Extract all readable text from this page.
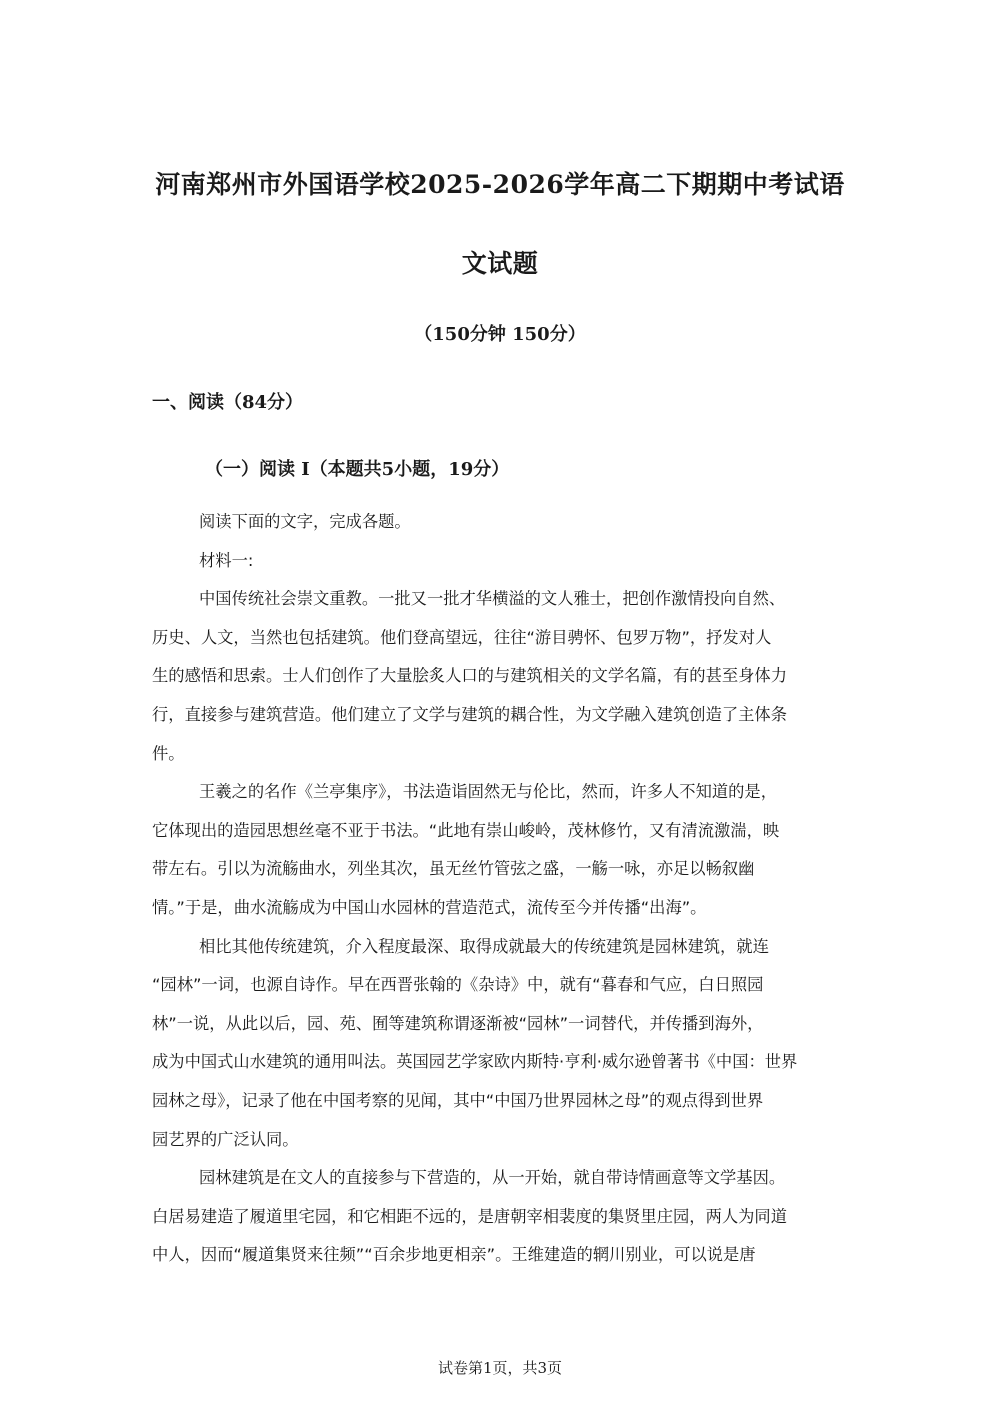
河南郑州市外国语学校2025-2026学年高二下期期中考试语
文试题
（150分钟 150分）
一、阅读（84分）
（一）阅读 I（本题共5小题，19分）
阅读下面的文字，完成各题。
材料一:
中国传统社会崇文重教。一批又一批才华横溢的文人雅士，把创作激情投向自然、
历史、人文，当然也包括建筑。他们登高望远，往往“游目骋怀、包罗万物”，抒发对人
生的感悟和思索。士人们创作了大量脍炙人口的与建筑相关的文学名篇，有的甚至身体力
行，直接参与建筑营造。他们建立了文学与建筑的耦合性，为文学融入建筑创造了主体条
件。
王羲之的名作《兰亭集序》，书法造诣固然无与伦比，然而，许多人不知道的是，
它体现出的造园思想丝毫不亚于书法。“此地有崇山峻岭，茂林修竹，又有清流激湍，映
带左右。引以为流觞曲水，列坐其次，虽无丝竹管弦之盛，一觞一咏，亦足以畅叙幽
情。”于是，曲水流觞成为中国山水园林的营造范式，流传至今并传播“出海”。
相比其他传统建筑，介入程度最深、取得成就最大的传统建筑是园林建筑，就连
“园林”一词，也源自诗作。早在西晋张翰的《杂诗》中，就有“暮春和气应，白日照园
林”一说，从此以后，园、苑、囿等建筑称谓逐渐被“园林”一词替代，并传播到海外，
成为中国式山水建筑的通用叫法。英国园艺学家欧内斯特·亨利·威尔逊曾著书《中国：世界
园林之母》，记录了他在中国考察的见闻，其中“中国乃世界园林之母”的观点得到世界
园艺界的广泛认同。
园林建筑是在文人的直接参与下营造的，从一开始，就自带诗情画意等文学基因。
白居易建造了履道里宅园，和它相距不远的，是唐朝宰相裴度的集贤里庄园，两人为同道
中人，因而“履道集贤来往频”“百余步地更相亲”。王维建造的辋川别业，可以说是唐
试卷第1页，共3页
